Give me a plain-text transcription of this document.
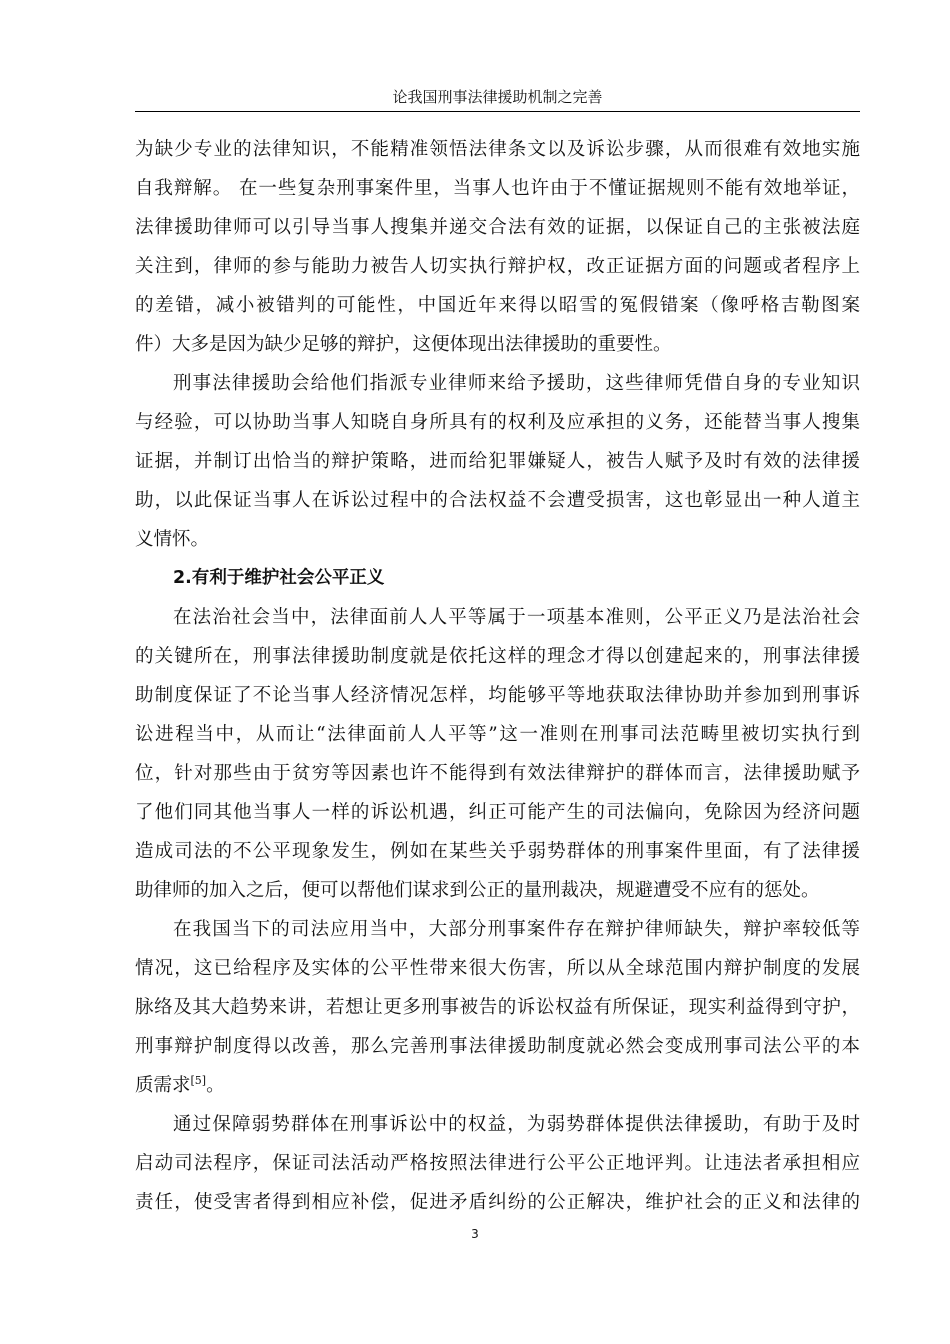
论我国刑事法律援助机制之完善
为缺少专业的法律知识，不能精准领悟法律条文以及诉讼步骤，从而很难有效地实施
自我辩解。 在一些复杂刑事案件里，当事人也许由于不懂证据规则不能有效地举证，
法律援助律师可以引导当事人搜集并递交合法有效的证据，以保证自己的主张被法庭
关注到，律师的参与能助力被告人切实执行辩护权，改正证据方面的问题或者程序上
的差错，减小被错判的可能性，中国近年来得以昭雪的冤假错案（像呼格吉勒图案
件）大多是因为缺少足够的辩护，这便体现出法律援助的重要性。
刑事法律援助会给他们指派专业律师来给予援助，这些律师凭借自身的专业知识
与经验，可以协助当事人知晓自身所具有的权利及应承担的义务，还能替当事人搜集
证据，并制订出恰当的辩护策略，进而给犯罪嫌疑人，被告人赋予及时有效的法律援
助，以此保证当事人在诉讼过程中的合法权益不会遭受损害，这也彰显出一种人道主
义情怀。
2.有利于维护社会公平正义
在法治社会当中，法律面前人人平等属于一项基本准则，公平正义乃是法治社会
的关键所在，刑事法律援助制度就是依托这样的理念才得以创建起来的，刑事法律援
助制度保证了不论当事人经济情况怎样，均能够平等地获取法律协助并参加到刑事诉
讼进程当中，从而让“法律面前人人平等”这一准则在刑事司法范畴里被切实执行到
位，针对那些由于贫穷等因素也许不能得到有效法律辩护的群体而言，法律援助赋予
了他们同其他当事人一样的诉讼机遇，纠正可能产生的司法偏向，免除因为经济问题
造成司法的不公平现象发生，例如在某些关乎弱势群体的刑事案件里面，有了法律援
助律师的加入之后，便可以帮他们谋求到公正的量刑裁决，规避遭受不应有的惩处。
在我国当下的司法应用当中，大部分刑事案件存在辩护律师缺失，辩护率较低等
情况，这已给程序及实体的公平性带来很大伤害，所以从全球范围内辩护制度的发展
脉络及其大趋势来讲，若想让更多刑事被告的诉讼权益有所保证，现实利益得到守护，
刑事辩护制度得以改善，那么完善刑事法律援助制度就必然会变成刑事司法公平的本
质需求[5]。
通过保障弱势群体在刑事诉讼中的权益，为弱势群体提供法律援助，有助于及时
启动司法程序，保证司法活动严格按照法律进行公平公正地评判。让违法者承担相应
责任，使受害者得到相应补偿，促进矛盾纠纷的公正解决，维护社会的正义和法律的
3
